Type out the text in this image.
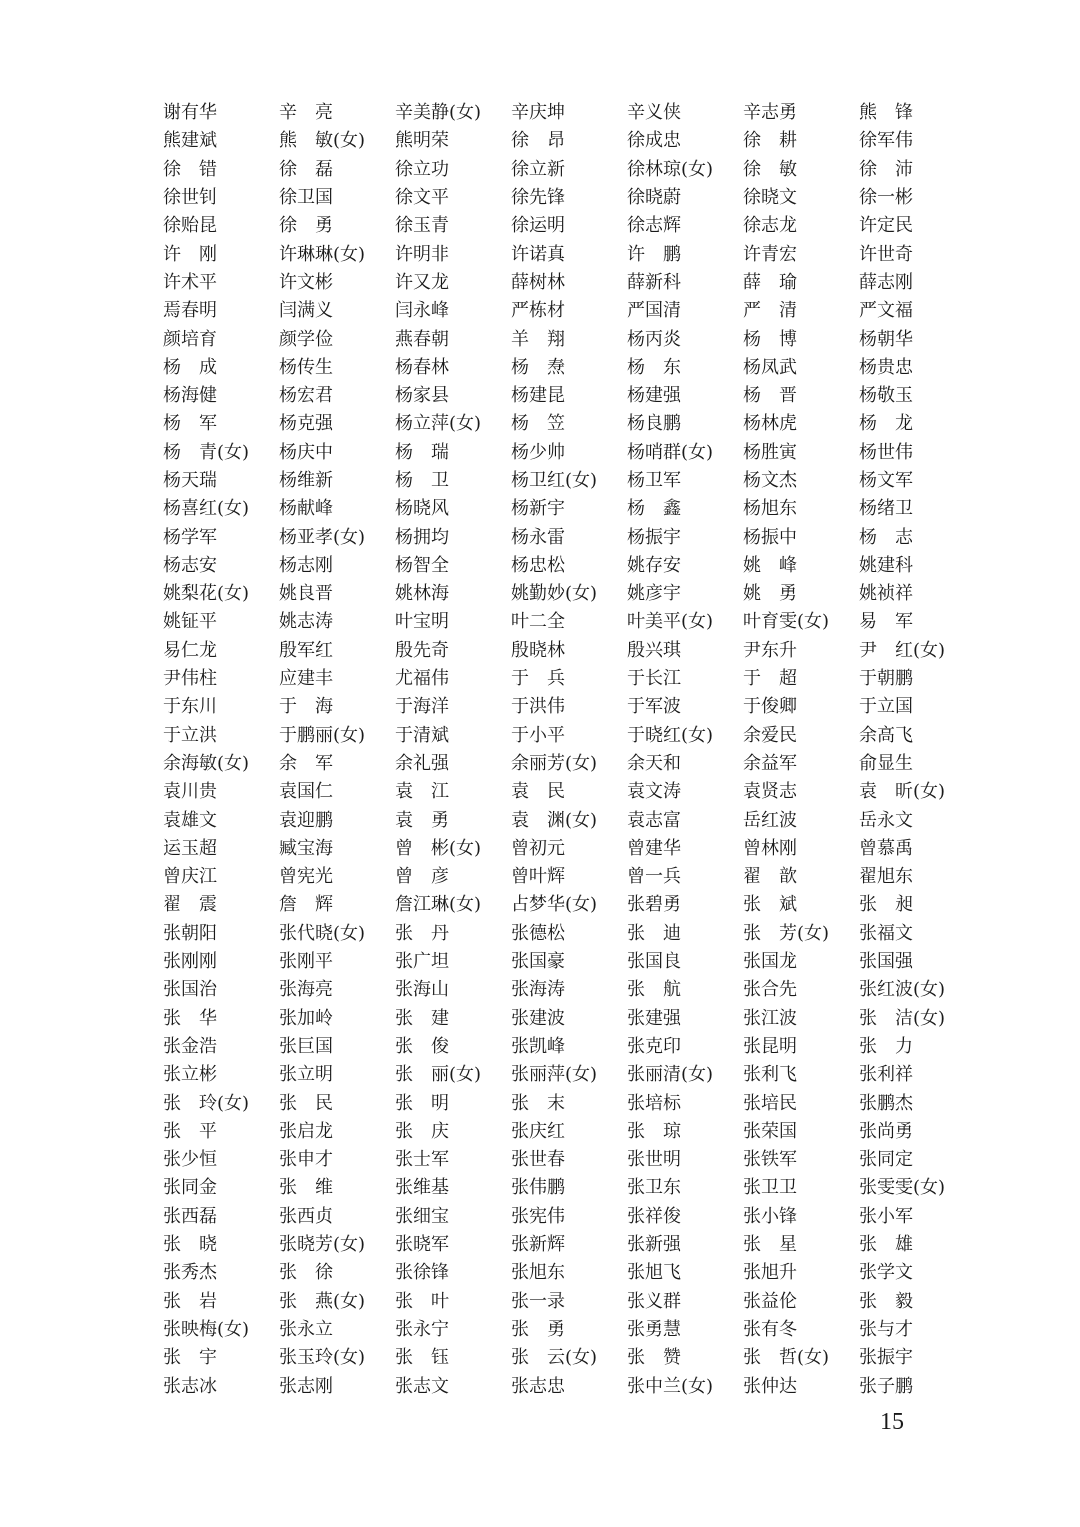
谢有华	辛　亮	辛美静(女)	辛庆坤	辛义侠	辛志勇	熊　锋
熊建斌	熊　敏(女)	熊明荣	徐　昂	徐成忠	徐　耕	徐军伟
徐　错	徐　磊	徐立功	徐立新	徐林琼(女)	徐　敏	徐　沛
徐世钊	徐卫国	徐文平	徐先锋	徐晓蔚	徐晓文	徐一彬
徐贻昆	徐　勇	徐玉青	徐运明	徐志辉	徐志龙	许定民
许　刚	许琳琳(女)	许明非	许诺真	许　鹏	许青宏	许世奇
许术平	许文彬	许又龙	薛树林	薛新科	薛　瑜	薛志刚
焉春明	闫满义	闫永峰	严栋材	严国清	严　清	严文福
颜培育	颜学俭	燕春朝	羊　翔	杨丙炎	杨　博	杨朝华
杨　成	杨传生	杨春林	杨　焘	杨　东	杨凤武	杨贵忠
杨海健	杨宏君	杨家县	杨建昆	杨建强	杨　晋	杨敬玉
杨　军	杨克强	杨立萍(女)	杨　笠	杨良鹏	杨林虎	杨　龙
杨　青(女)	杨庆中	杨　瑞	杨少帅	杨哨群(女)	杨胜寅	杨世伟
杨天瑞	杨维新	杨　卫	杨卫红(女)	杨卫军	杨文杰	杨文军
杨喜红(女)	杨献峰	杨晓风	杨新宇	杨　鑫	杨旭东	杨绪卫
杨学军	杨亚孝(女)	杨拥均	杨永雷	杨振宇	杨振中	杨　志
杨志安	杨志刚	杨智全	杨忠松	姚存安	姚　峰	姚建科
姚梨花(女)	姚良晋	姚林海	姚勤妙(女)	姚彦宇	姚　勇	姚祯祥
姚钲平	姚志涛	叶宝明	叶二全	叶美平(女)	叶育雯(女)	易　军
易仁龙	殷军红	殷先奇	殷晓林	殷兴琪	尹东升	尹　红(女)
尹伟柱	应建丰	尤福伟	于　兵	于长江	于　超	于朝鹏
于东川	于　海	于海洋	于洪伟	于军波	于俊卿	于立国
于立洪	于鹏丽(女)	于清斌	于小平	于晓红(女)	余爱民	余高飞
余海敏(女)	余　军	余礼强	余丽芳(女)	余天和	余益军	俞显生
袁川贵	袁国仁	袁　江	袁　民	袁文涛	袁贤志	袁　昕(女)
袁雄文	袁迎鹏	袁　勇	袁　渊(女)	袁志富	岳红波	岳永文
运玉超	臧宝海	曾　彬(女)	曾初元	曾建华	曾林刚	曾慕禹
曾庆江	曾宪光	曾　彦	曾叶辉	曾一兵	翟　歆	翟旭东
翟　震	詹　辉	詹江琳(女)	占梦华(女)	张碧勇	张　斌	张　昶
张朝阳	张代晓(女)	张　丹	张德松	张　迪	张　芳(女)	张福文
张刚刚	张刚平	张广坦	张国豪	张国良	张国龙	张国强
张国治	张海亮	张海山	张海涛	张　航	张合先	张红波(女)
张　华	张加岭	张　建	张建波	张建强	张江波	张　洁(女)
张金浩	张巨国	张　俊	张凯峰	张克印	张昆明	张　力
张立彬	张立明	张　丽(女)	张丽萍(女)	张丽清(女)	张利飞	张利祥
张　玲(女)	张　民	张　明	张　末	张培标	张培民	张鹏杰
张　平	张启龙	张　庆	张庆红	张　琼	张荣国	张尚勇
张少恒	张申才	张士军	张世春	张世明	张铁军	张同定
张同金	张　维	张维基	张伟鹏	张卫东	张卫卫	张雯雯(女)
张西磊	张西贞	张细宝	张宪伟	张祥俊	张小锋	张小军
张　晓	张晓芳(女)	张晓军	张新辉	张新强	张　星	张　雄
张秀杰	张　徐	张徐锋	张旭东	张旭飞	张旭升	张学文
张　岩	张　燕(女)	张　叶	张一录	张义群	张益伦	张　毅
张映梅(女)	张永立	张永宁	张　勇	张勇慧	张有冬	张与才
张　宇	张玉玲(女)	张　钰	张　云(女)	张　赞	张　哲(女)	张振宇
张志冰	张志刚	张志文	张志忠	张中兰(女)	张仲达	张子鹏
15
